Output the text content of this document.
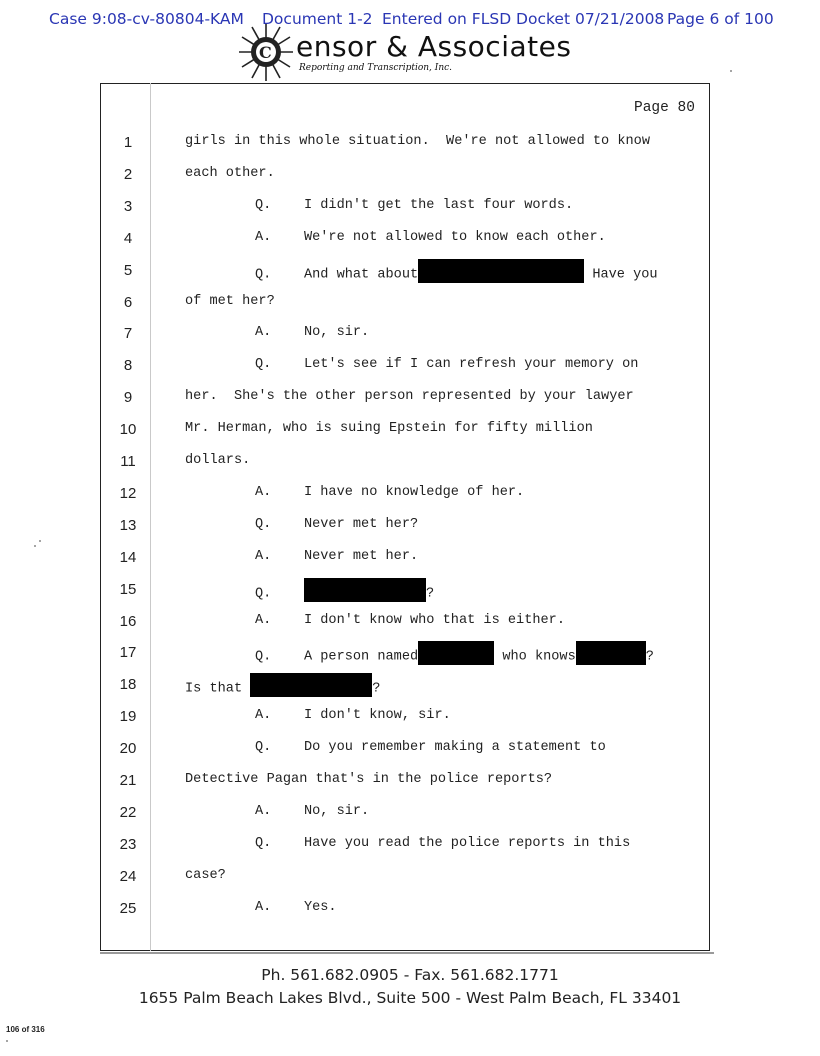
Case 9:08-cv-80804-KAM Document 1-2 Entered on FLSD Docket 07/21/2008 Page 6 of 100
C ensor & Associates
Reporting and Transcription, Inc.
Page 80
1	girls in this whole situation.  We're not allowed to know
2	each other.
3	Q.    I didn't get the last four words.
4	A.    We're not allowed to know each other.
5	Q.    And what about	Have you
6	of met her?
7	A.    No, sir.
8	Q.    Let's see if I can refresh your memory on
9	her.  She's the other person represented by your lawyer
10	Mr. Herman, who is suing Epstein for fifty million
11	dollars.
12	A.    I have no knowledge of her.
13	Q.    Never met her?
14	A.    Never met her.
15	Q.	?
16	A.    I don't know who that is either.
17	Q.    A person named	who knows	?
18	Is that	?
19	A.    I don't know, sir.
20	Q.    Do you remember making a statement to
21	Detective Pagan that's in the police reports?
22	A.    No, sir.
23	Q.    Have you read the police reports in this
24	case?
25	A.    Yes.
Ph. 561.682.0905 - Fax. 561.682.1771
1655 Palm Beach Lakes Blvd., Suite 500 - West Palm Beach, FL 33401
106 of 316
